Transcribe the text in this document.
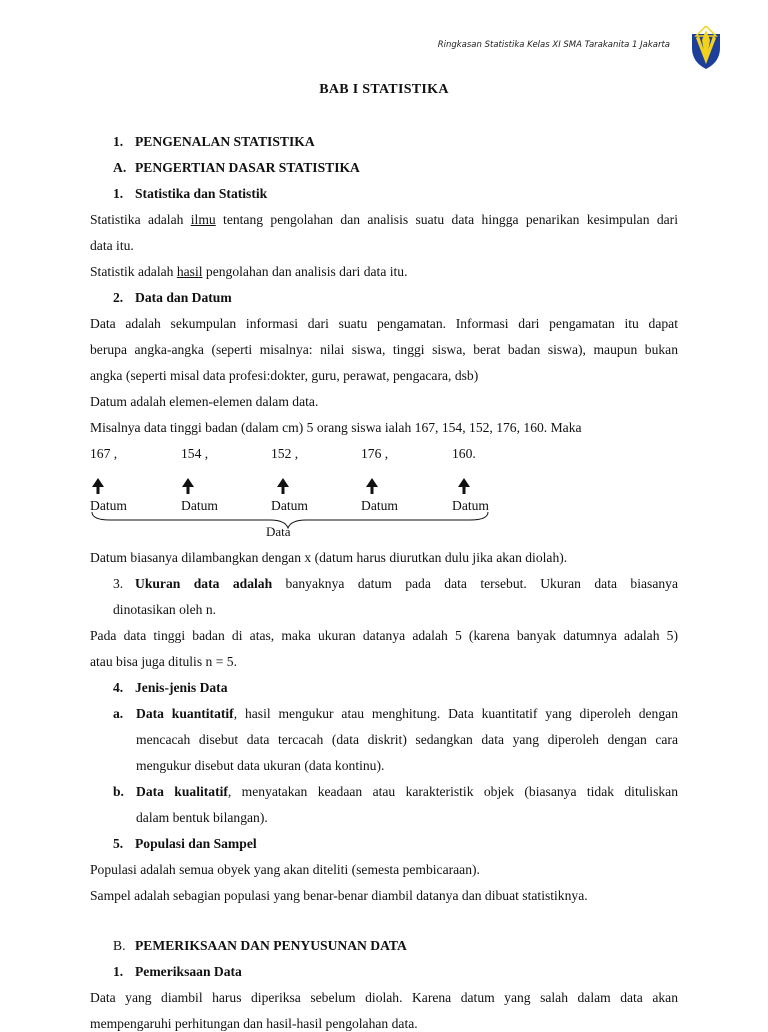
Ringkasan Statistika Kelas XI SMA Tarakanita 1 Jakarta
BAB I STATISTIKA
1. PENGENALAN STATISTIKA
A. PENGERTIAN DASAR STATISTIKA
1. Statistika dan Statistik
Statistika adalah ilmu tentang pengolahan dan analisis suatu data hingga penarikan kesimpulan dari
data itu.
Statistik adalah hasil pengolahan dan analisis dari data itu.
2. Data dan Datum
Data adalah sekumpulan informasi dari suatu pengamatan. Informasi dari pengamatan itu dapat
berupa angka-angka (seperti misalnya: nilai siswa, tinggi siswa, berat badan siswa), maupun bukan
angka (seperti misal data profesi:dokter, guru, perawat, pengacara, dsb)
Datum adalah elemen-elemen dalam data.
Misalnya data tinggi badan (dalam cm) 5 orang siswa ialah 167, 154, 152, 176, 160. Maka
167 ,	154 ,	152 ,	176 ,	160.
Datum	Datum	Datum	Datum	Datum
Data
Datum biasanya dilambangkan dengan x (datum harus diurutkan dulu jika akan diolah).
3. Ukuran data adalah banyaknya datum pada data tersebut. Ukuran data biasanya
dinotasikan oleh n.
Pada data tinggi badan di atas, maka ukuran datanya adalah 5 (karena banyak datumnya adalah 5)
atau bisa juga ditulis n = 5.
4. Jenis-jenis Data
a. Data kuantitatif, hasil mengukur atau menghitung. Data kuantitatif yang diperoleh dengan
mencacah disebut data tercacah (data diskrit) sedangkan data yang diperoleh dengan cara
mengukur disebut data ukuran (data kontinu).
b. Data kualitatif, menyatakan keadaan atau karakteristik objek (biasanya tidak dituliskan
dalam bentuk bilangan).
5. Populasi dan Sampel
Populasi adalah semua obyek yang akan diteliti (semesta pembicaraan).
Sampel adalah sebagian populasi yang benar-benar diambil datanya dan dibuat statistiknya.
B. PEMERIKSAAN DAN PENYUSUNAN DATA
1. Pemeriksaan Data
Data yang diambil harus diperiksa sebelum diolah. Karena datum yang salah dalam data akan
mempengaruhi perhitungan dan hasil-hasil pengolahan data.
